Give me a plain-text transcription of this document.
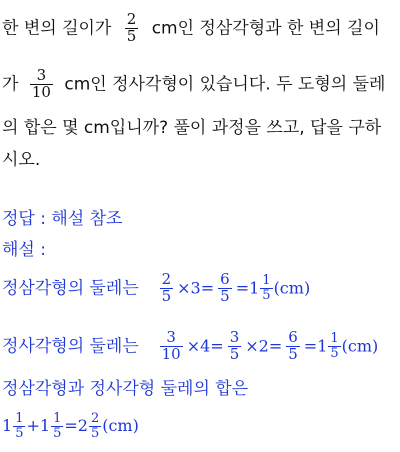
한 변의 길이가 $\frac{2}{5}$ cm인 정삼각형과 한 변의 길이
가 $\frac{3}{10}$ cm인 정사각형이 있습니다. 두 도형의 둘레
의 합은 몇 cm입니까? 풀이 과정을 쓰고, 답을 구하
시오.
정답 : 해설 참조
해설 :
정삼각형의 둘레는 $\frac{2}{5} \times 3= \frac{6}{5} =1 \frac{1}{5} (cm)$
정사각형의 둘레는 $\frac{3}{10} \times 4= \frac{3}{5} \times 2= \frac{6}{5} =1 \frac{1}{5} (cm)$
정삼각형과 정사각형 둘레의 합은
$1 \frac{1}{5} +1 \frac{1}{5} =2 \frac{2}{5} (cm)$
